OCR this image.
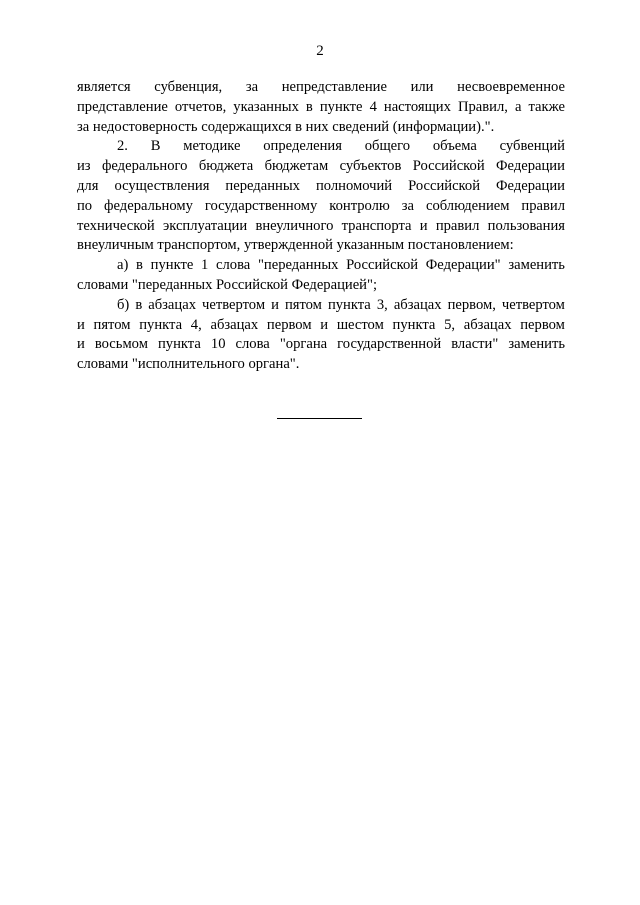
2
является субвенция, за непредставление или несвоевременное
представление отчетов, указанных в пункте 4 настоящих Правил, а также
за недостоверность содержащихся в них сведений (информации).".
2. В методике определения общего объема субвенций
из федерального бюджета бюджетам субъектов Российской Федерации
для осуществления переданных полномочий Российской Федерации
по федеральному государственному контролю за соблюдением правил
технической эксплуатации внеуличного транспорта и правил пользования
внеуличным транспортом, утвержденной указанным постановлением:
а) в пункте 1 слова "переданных Российской Федерации" заменить
словами "переданных Российской Федерацией";
б) в абзацах четвертом и пятом пункта 3, абзацах первом, четвертом
и пятом пункта 4, абзацах первом и шестом пункта 5, абзацах первом
и восьмом пункта 10 слова "органа государственной власти" заменить
словами "исполнительного органа".
